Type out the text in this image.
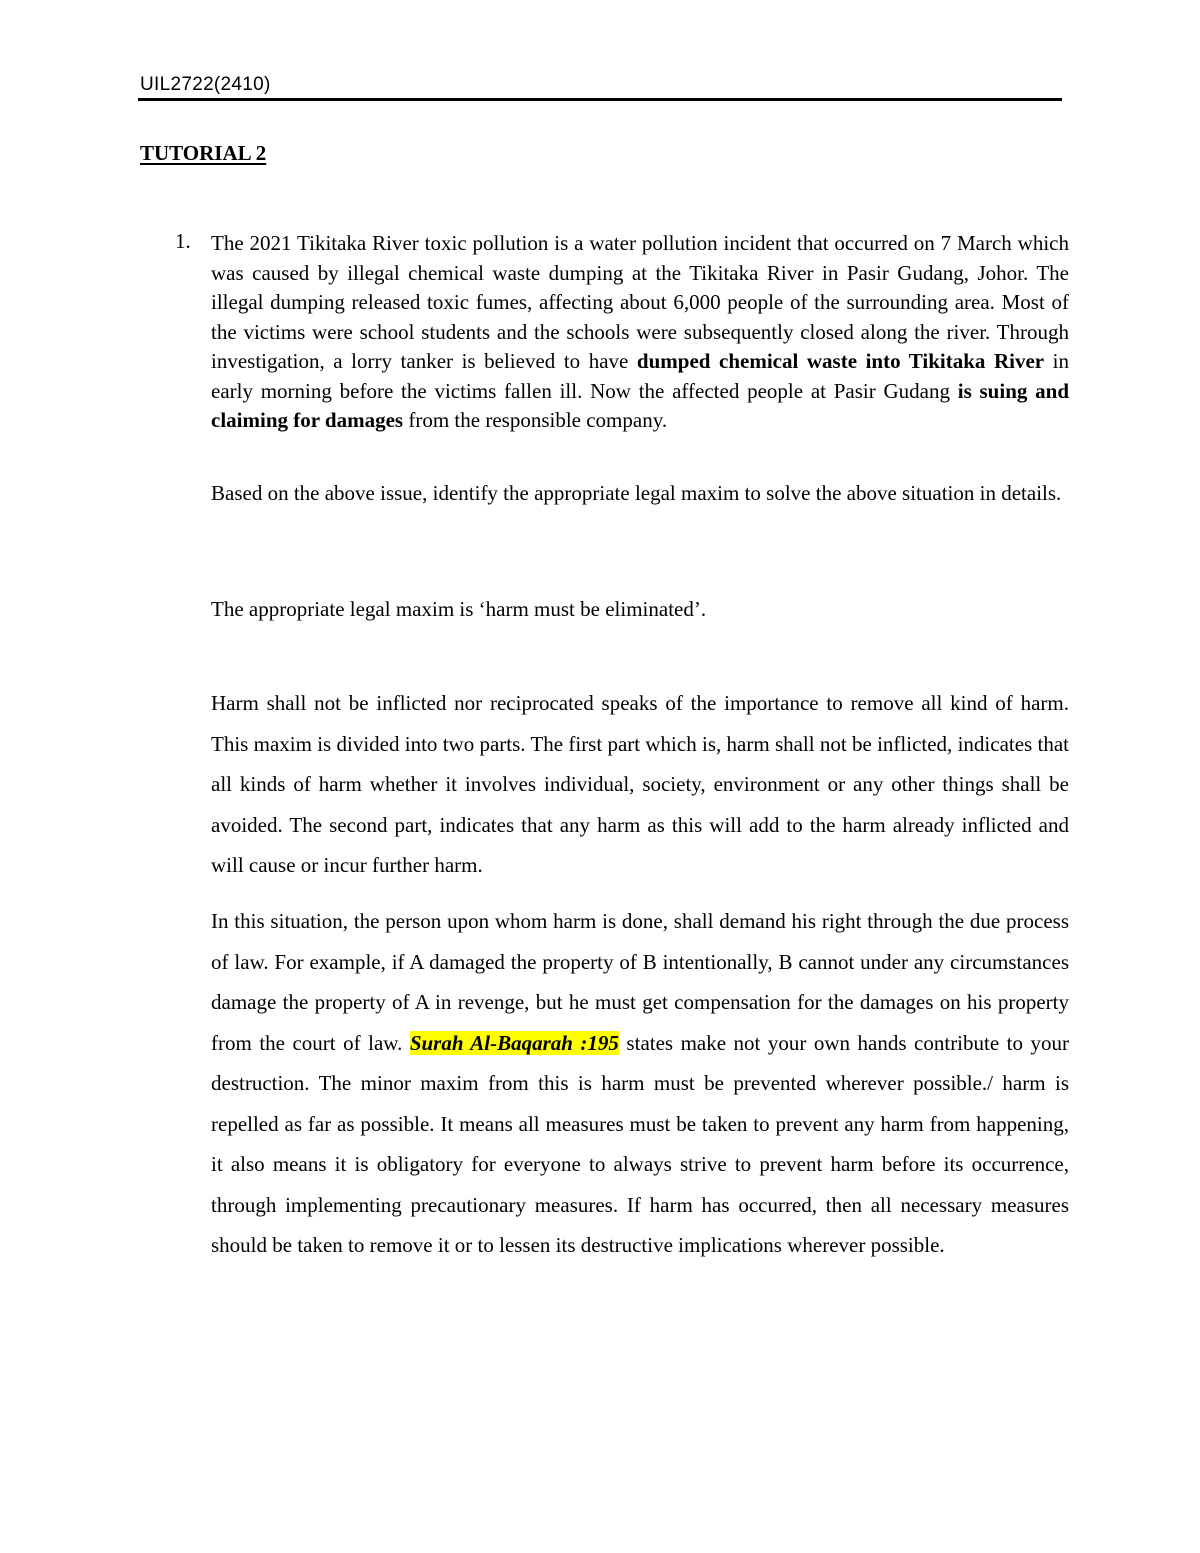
UIL2722(2410)
TUTORIAL 2
1. The 2021 Tikitaka River toxic pollution is a water pollution incident that occurred on 7 March which was caused by illegal chemical waste dumping at the Tikitaka River in Pasir Gudang, Johor. The illegal dumping released toxic fumes, affecting about 6,000 people of the surrounding area. Most of the victims were school students and the schools were subsequently closed along the river. Through investigation, a lorry tanker is believed to have dumped chemical waste into Tikitaka River in early morning before the victims fallen ill. Now the affected people at Pasir Gudang is suing and claiming for damages from the responsible company.

Based on the above issue, identify the appropriate legal maxim to solve the above situation in details.

The appropriate legal maxim is ‘harm must be eliminated’.

Harm shall not be inflicted nor reciprocated speaks of the importance to remove all kind of harm. This maxim is divided into two parts. The first part which is, harm shall not be inflicted, indicates that all kinds of harm whether it involves individual, society, environment or any other things shall be avoided. The second part, indicates that any harm as this will add to the harm already inflicted and will cause or incur further harm.

In this situation, the person upon whom harm is done, shall demand his right through the due process of law. For example, if A damaged the property of B intentionally, B cannot under any circumstances damage the property of A in revenge, but he must get compensation for the damages on his property from the court of law. Surah Al-Baqarah :195 states make not your own hands contribute to your destruction. The minor maxim from this is harm must be prevented wherever possible./ harm is repelled as far as possible. It means all measures must be taken to prevent any harm from happening, it also means it is obligatory for everyone to always strive to prevent harm before its occurrence, through implementing precautionary measures. If harm has occurred, then all necessary measures should be taken to remove it or to lessen its destructive implications wherever possible.
